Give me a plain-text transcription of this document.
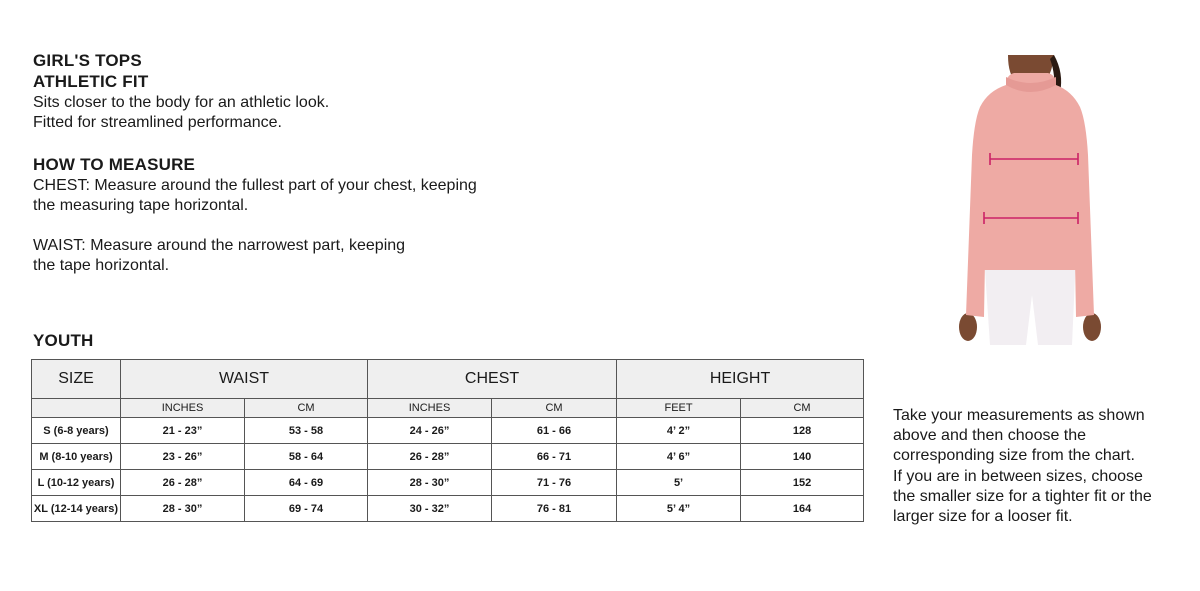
GIRL'S TOPS
ATHLETIC FIT
Sits closer to the body for an athletic look.
Fitted for streamlined performance.
HOW TO MEASURE
CHEST: Measure around the fullest part of your chest, keeping
the measuring tape horizontal.
WAIST: Measure around the narrowest part, keeping
the tape horizontal.
YOUTH
SIZE	WAIST		CHEST		HEIGHT	
	INCHES	CM	INCHES	CM	FEET	CM
S (6-8 years)	21 - 23”	53 - 58	24 - 26”	61 - 66	4’ 2”	128
M (8-10 years)	23 - 26”	58 - 64	26 - 28”	66 - 71	4’ 6”	140
L (10-12 years)	26 - 28”	64 - 69	28 - 30”	71 - 76	5’	152
XL (12-14 years)	28 - 30”	69 - 74	30 - 32”	76 - 81	5’ 4”	164
Take your measurements as shown
above and then choose the
corresponding size from the chart.
If you are in between sizes, choose
the smaller size for a tighter fit or the
larger size for a looser fit.
